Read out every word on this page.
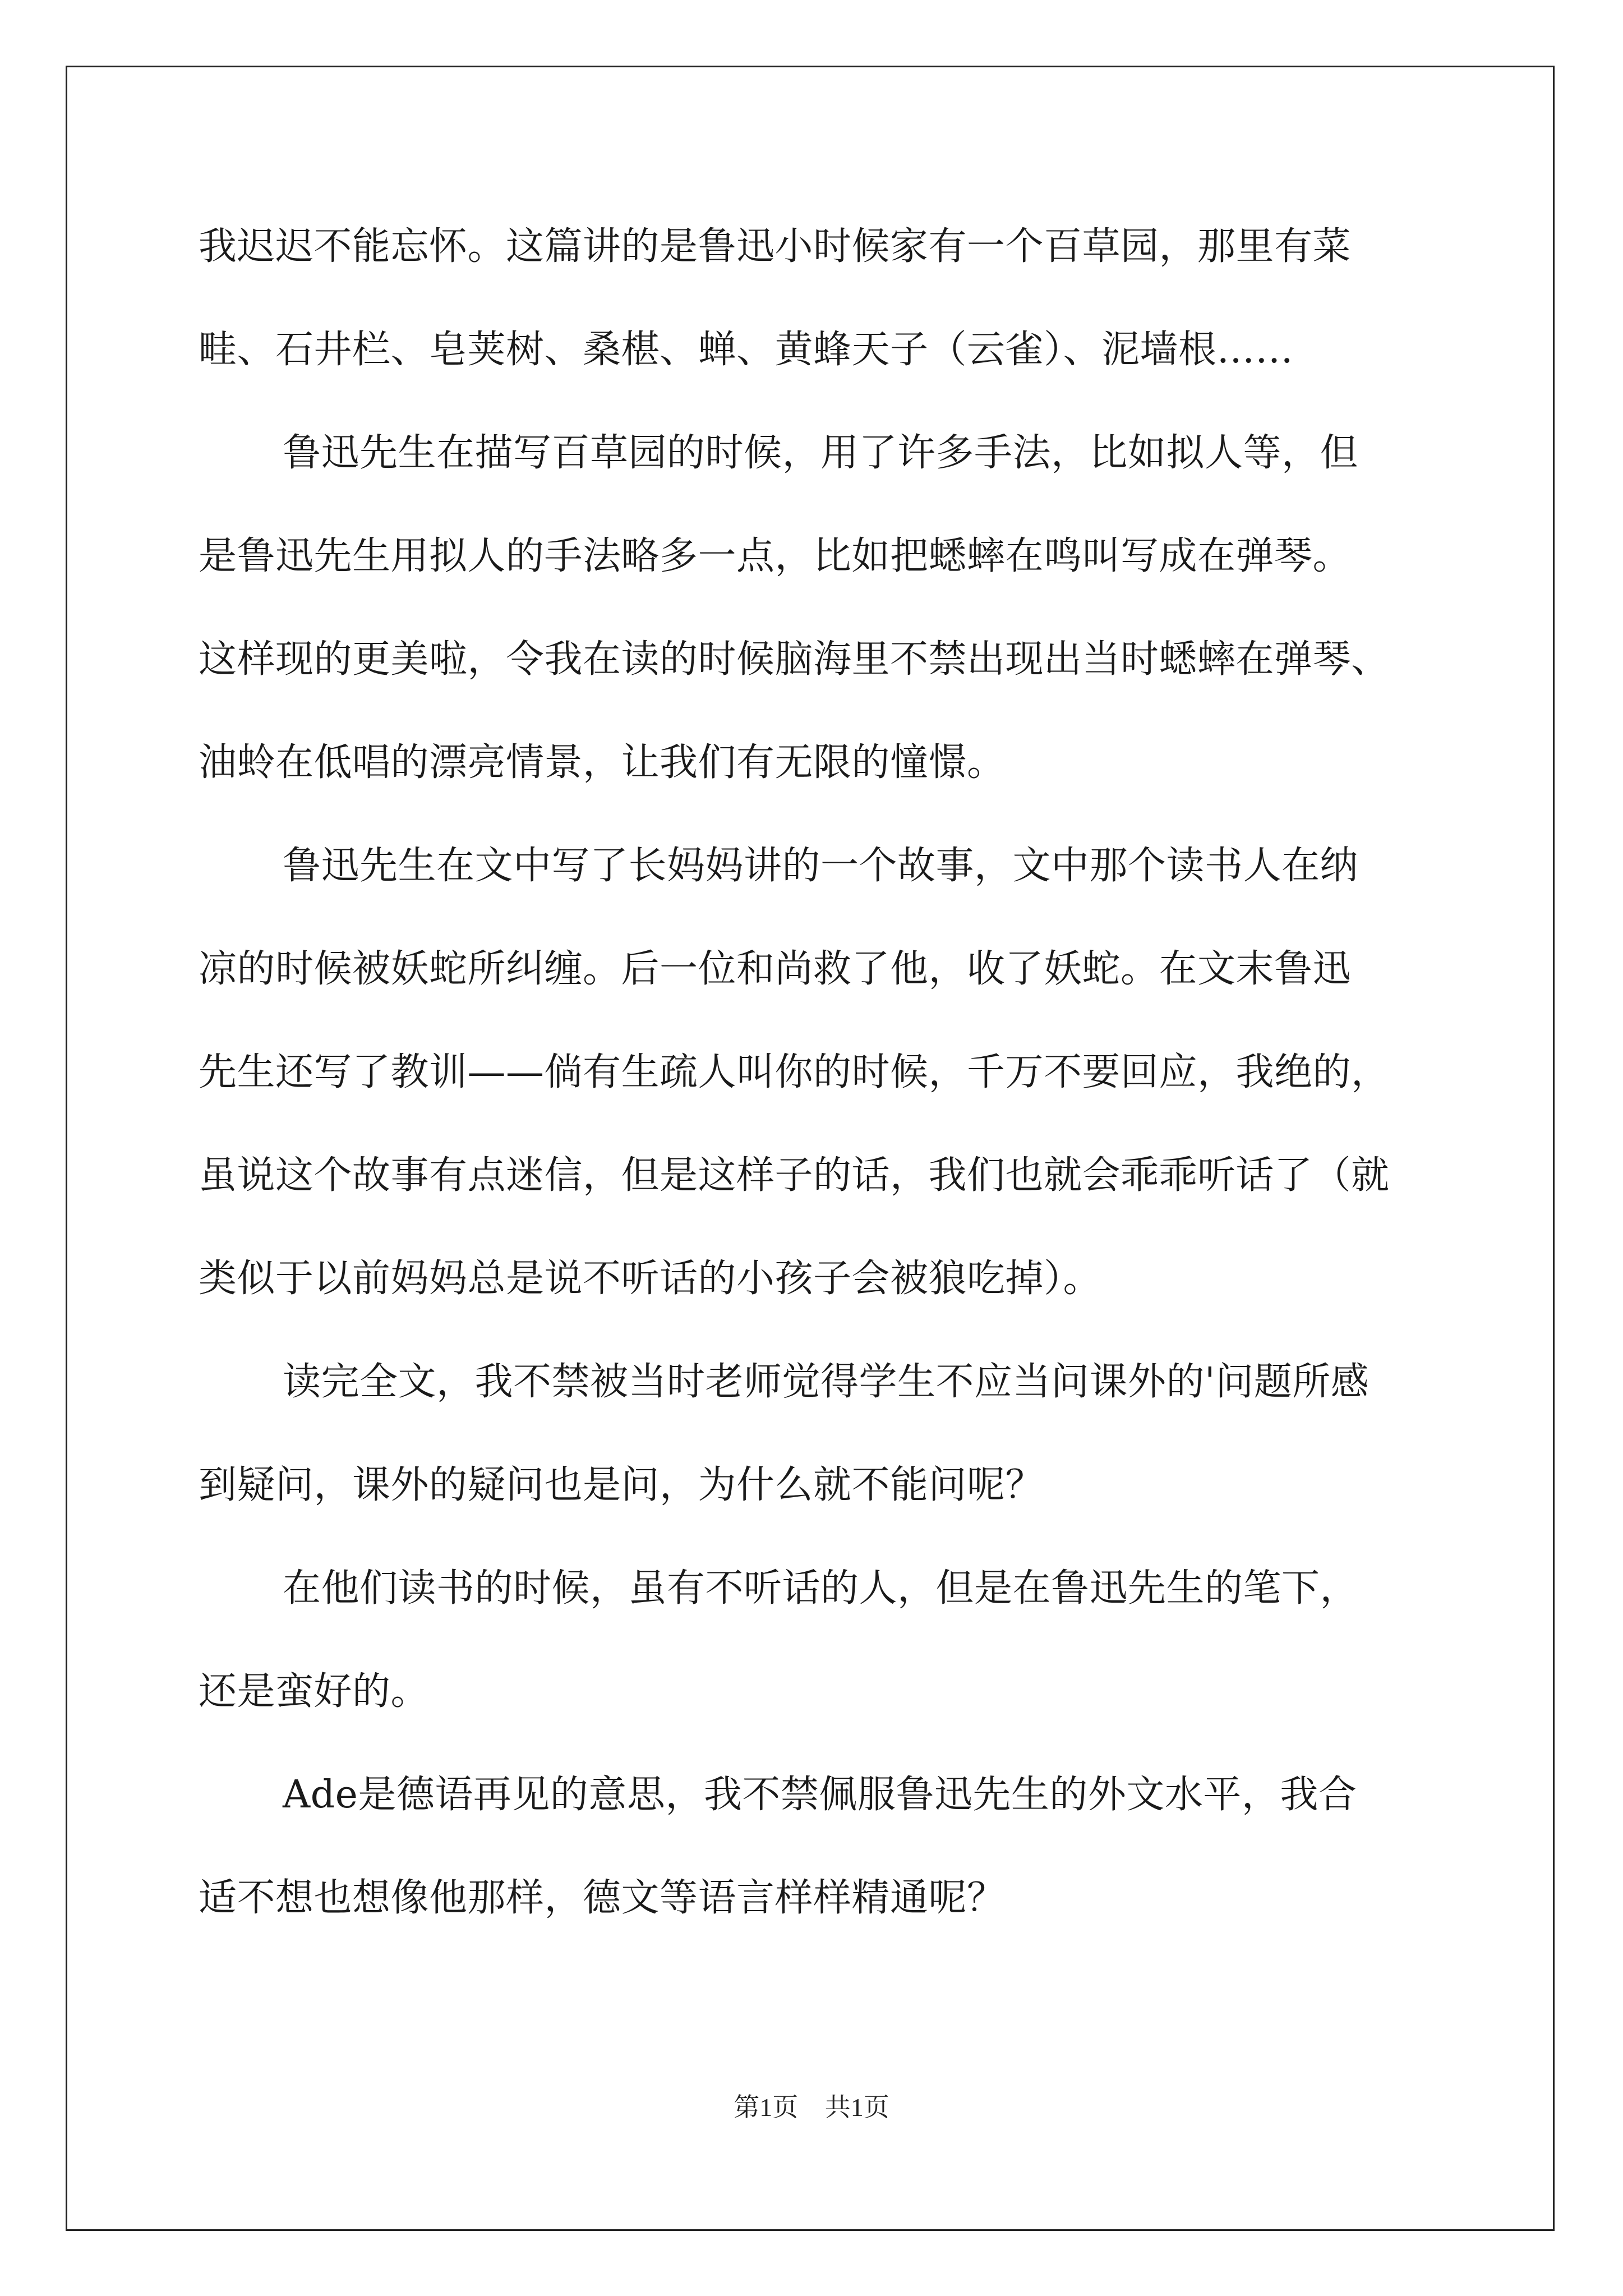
我迟迟不能忘怀。这篇讲的是鲁迅小时候家有一个百草园，那里有菜
畦、石井栏、皂荚树、桑椹、蝉、黄蜂天子（云雀）、泥墙根……
鲁迅先生在描写百草园的时候，用了许多手法，比如拟人等，但
是鲁迅先生用拟人的手法略多一点，比如把蟋蟀在鸣叫写成在弹琴。
这样现的更美啦，令我在读的时候脑海里不禁出现出当时蟋蟀在弹琴、
油蛉在低唱的漂亮情景，让我们有无限的憧憬。
鲁迅先生在文中写了长妈妈讲的一个故事，文中那个读书人在纳
凉的时候被妖蛇所纠缠。后一位和尚救了他，收了妖蛇。在文末鲁迅
先生还写了教训——倘有生疏人叫你的时候，千万不要回应，我绝的，
虽说这个故事有点迷信，但是这样子的话，我们也就会乖乖听话了（就
类似于以前妈妈总是说不听话的小孩子会被狼吃掉）。
读完全文，我不禁被当时老师觉得学生不应当问课外的'问题所感
到疑问，课外的疑问也是问，为什么就不能问呢？
在他们读书的时候，虽有不听话的人，但是在鲁迅先生的笔下，
还是蛮好的。
Ade是德语再见的意思，我不禁佩服鲁迅先生的外文水平，我合
适不想也想像他那样，德文等语言样样精通呢？
第1页 共1页
